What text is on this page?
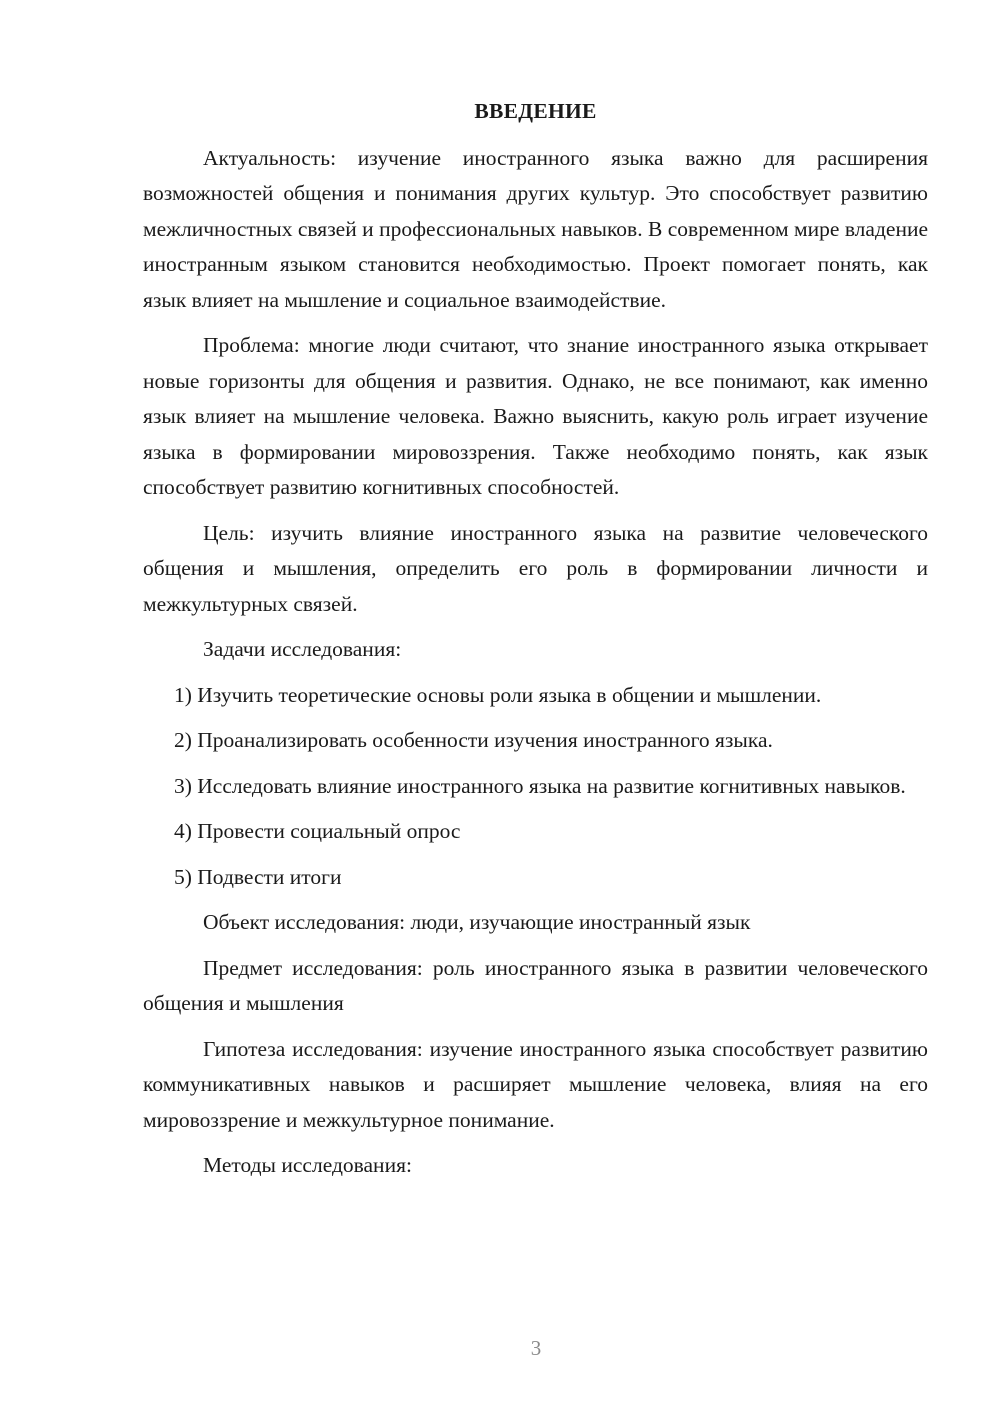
ВВЕДЕНИЕ

Актуальность: изучение иностранного языка важно для расширения возможностей общения и понимания других культур. Это способствует развитию межличностных связей и профессиональных навыков. В современном мире владение иностранным языком становится необходимостью. Проект помогает понять, как язык влияет на мышление и социальное взаимодействие.

Проблема: многие люди считают, что знание иностранного языка открывает новые горизонты для общения и развития. Однако, не все понимают, как именно язык влияет на мышление человека. Важно выяснить, какую роль играет изучение языка в формировании мировоззрения. Также необходимо понять, как язык способствует развитию когнитивных способностей.

Цель: изучить влияние иностранного языка на развитие человеческого общения и мышления, определить его роль в формировании личности и межкультурных связей.

Задачи исследования:

1) Изучить теоретические основы роли языка в общении и мышлении.

2) Проанализировать особенности изучения иностранного языка.

3) Исследовать влияние иностранного языка на развитие когнитивных навыков.

4) Провести социальный опрос

5) Подвести итоги

Объект исследования: люди, изучающие иностранный язык

Предмет исследования: роль иностранного языка в развитии человеческого общения и мышления

Гипотеза исследования: изучение иностранного языка способствует развитию коммуникативных навыков и расширяет мышление человека, влияя на его мировоззрение и межкультурное понимание.

Методы исследования:

3
